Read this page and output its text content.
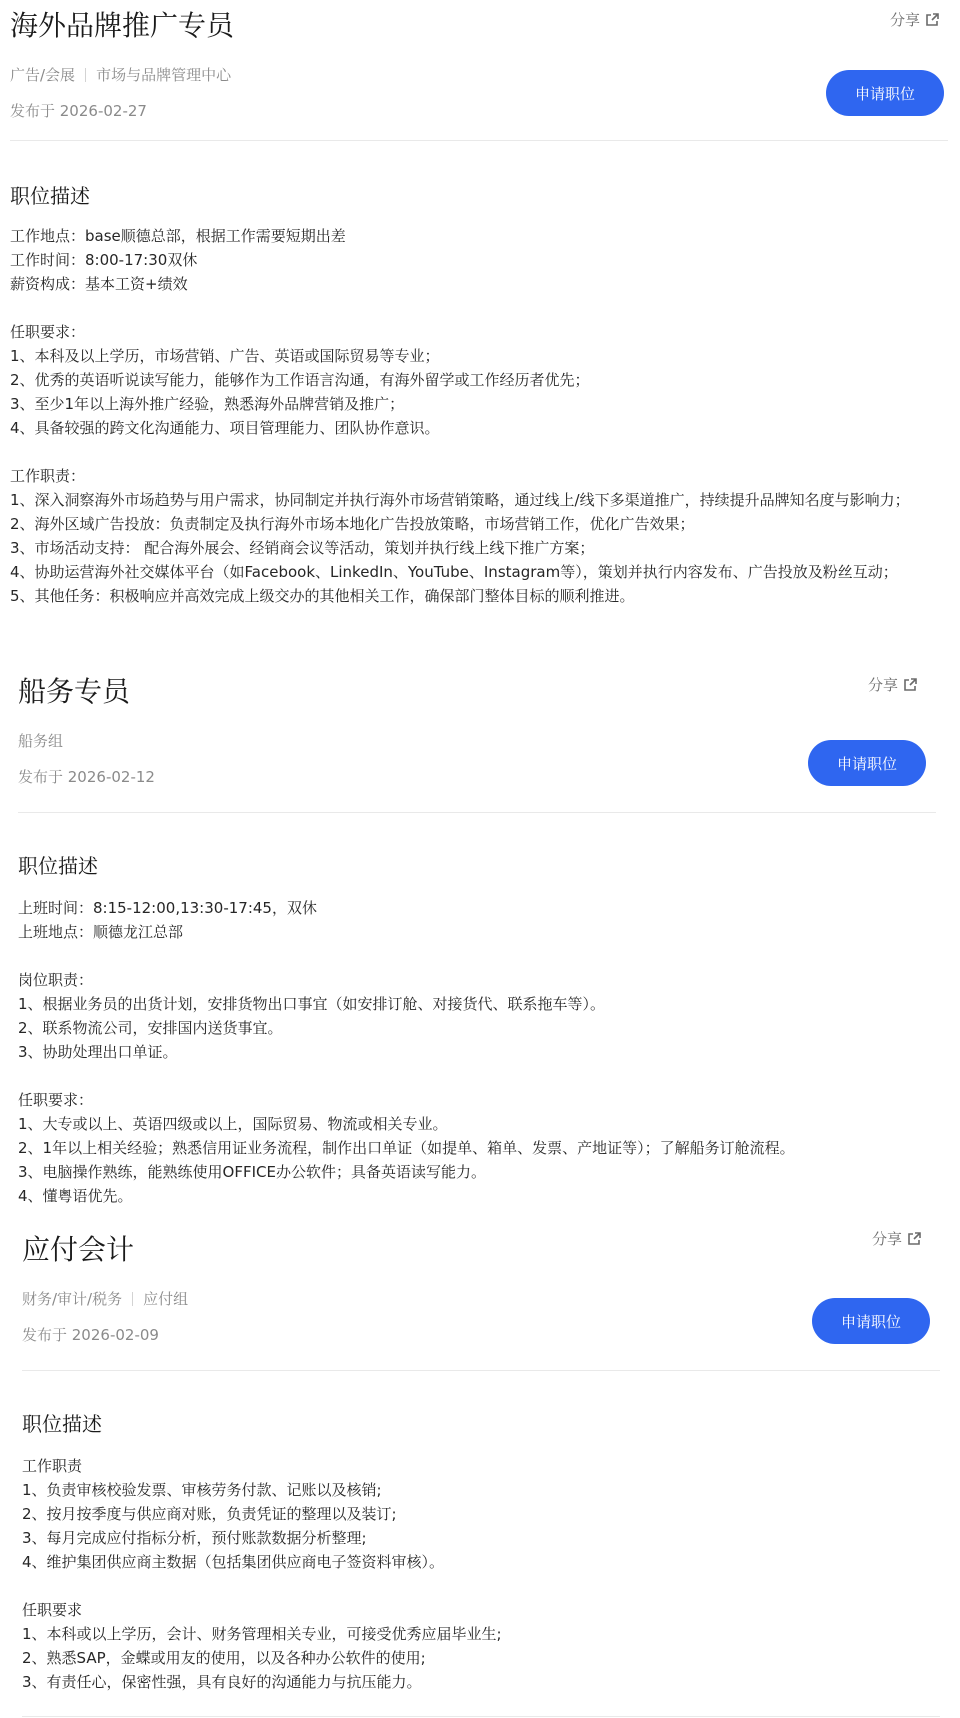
海外品牌推广专员	分享
广告/会展 市场与品牌管理中心
发布于 2026-02-27
申请职位
职位描述
工作地点：base顺德总部，根据工作需要短期出差
工作时间：8:00-17:30双休
薪资构成：基本工资+绩效
任职要求：
1、本科及以上学历，市场营销、广告、英语或国际贸易等专业；
2、优秀的英语听说读写能力，能够作为工作语言沟通，有海外留学或工作经历者优先；
3、至少1年以上海外推广经验，熟悉海外品牌营销及推广；
4、具备较强的跨文化沟通能力、项目管理能力、团队协作意识。
工作职责：
1、深入洞察海外市场趋势与用户需求，协同制定并执行海外市场营销策略，通过线上/线下多渠道推广，持续提升品牌知名度与影响力；
2、海外区域广告投放：负责制定及执行海外市场本地化广告投放策略，市场营销工作，优化广告效果；
3、市场活动支持： 配合海外展会、经销商会议等活动，策划并执行线上线下推广方案；
4、协助运营海外社交媒体平台（如Facebook、LinkedIn、YouTube、Instagram等），策划并执行内容发布、广告投放及粉丝互动；
5、其他任务：积极响应并高效完成上级交办的其他相关工作，确保部门整体目标的顺利推进。
船务专员	分享
船务组
发布于 2026-02-12
申请职位
职位描述
上班时间：8:15-12:00,13:30-17:45，双休
上班地点：顺德龙江总部
岗位职责：
1、根据业务员的出货计划，安排货物出口事宜（如安排订舱、对接货代、联系拖车等）。
2、联系物流公司，安排国内送货事宜。
3、协助处理出口单证。
任职要求：
1、大专或以上、英语四级或以上，国际贸易、物流或相关专业。
2、1年以上相关经验；熟悉信用证业务流程，制作出口单证（如提单、箱单、发票、产地证等）；了解船务订舱流程。
3、电脑操作熟练，能熟练使用OFFICE办公软件；具备英语读写能力。
4、懂粤语优先。
应付会计	分享
财务/审计/税务 应付组
发布于 2026-02-09
申请职位
职位描述
工作职责
1、负责审核校验发票、审核劳务付款、记账以及核销;
2、按月按季度与供应商对账，负责凭证的整理以及装订;
3、每月完成应付指标分析，预付账款数据分析整理;
4、维护集团供应商主数据（包括集团供应商电子签资料审核）。
任职要求
1、本科或以上学历，会计、财务管理相关专业，可接受优秀应届毕业生;
2、熟悉SAP，金蝶或用友的使用，以及各种办公软件的使用;
3、有责任心，保密性强，具有良好的沟通能力与抗压能力。
